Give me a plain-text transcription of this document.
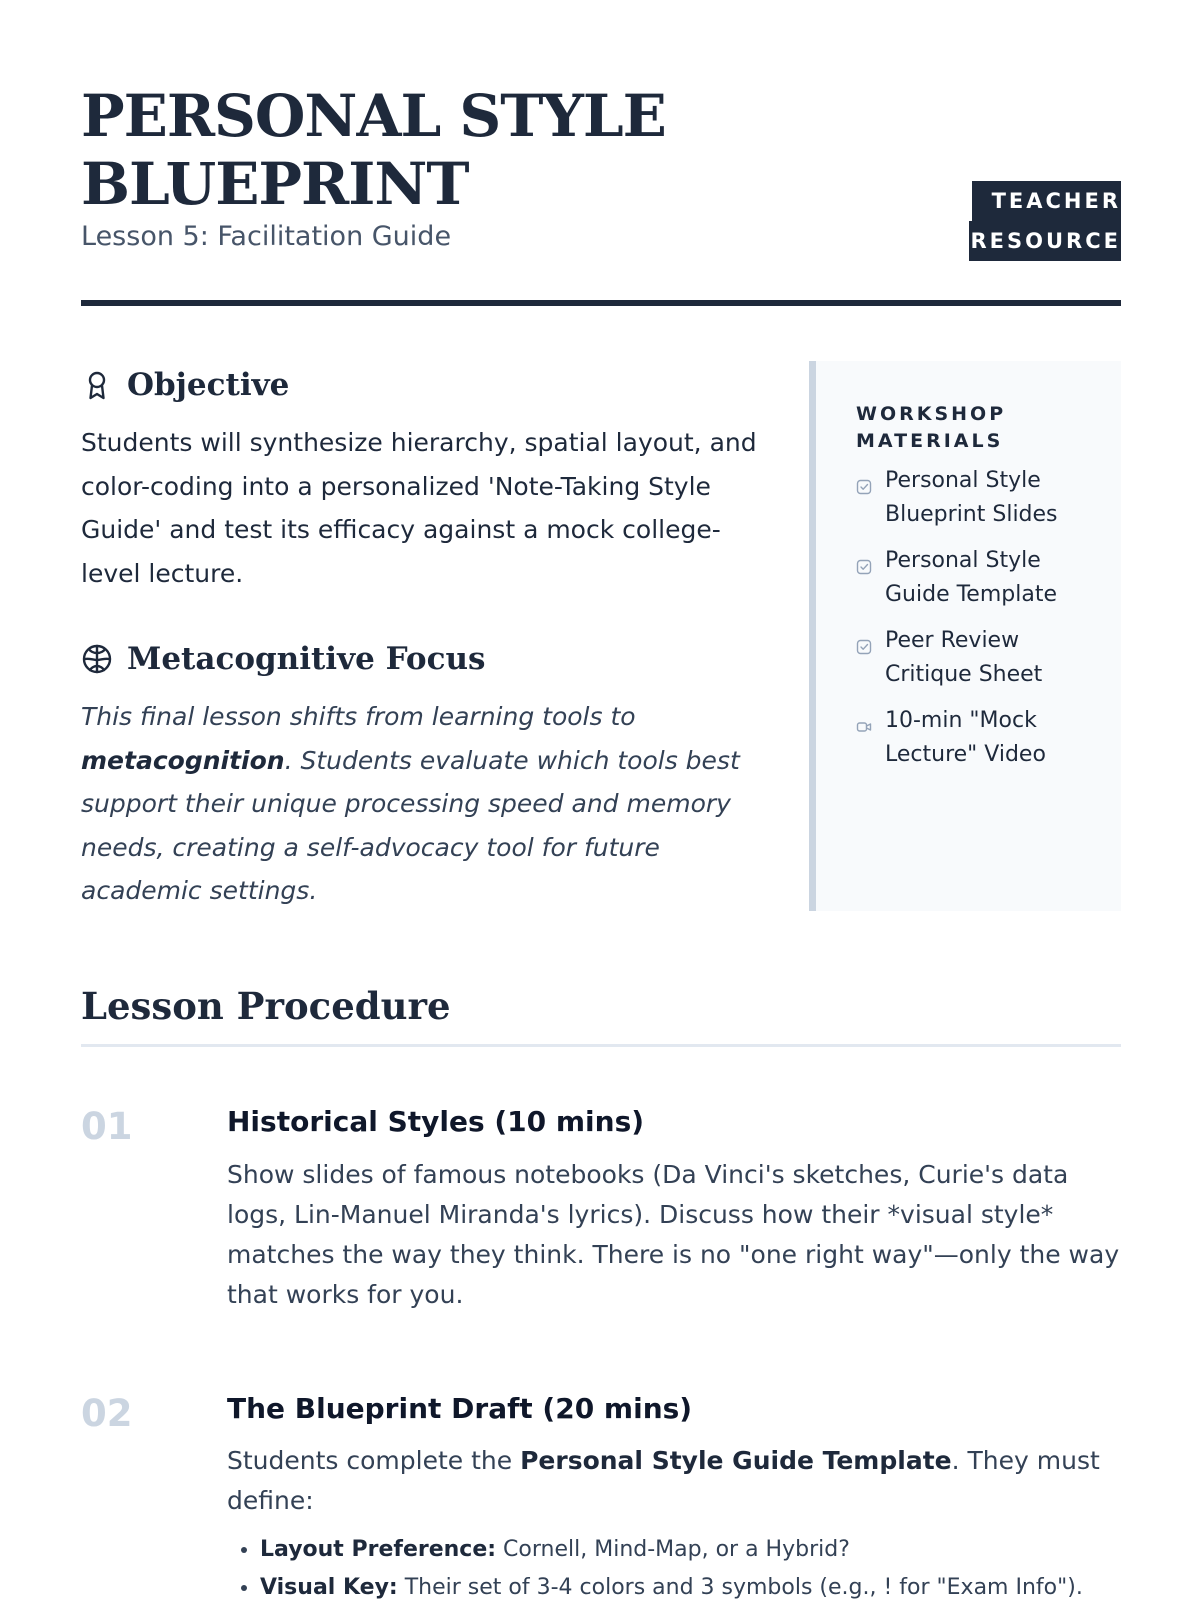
PERSONAL STYLE BLUEPRINT

Lesson 5: Facilitation Guide

TEACHER
RESOURCE
Objective

Students will synthesize hierarchy, spatial layout, and color-coding into a personalized 'Note-Taking Style Guide' and test its efficacy against a mock college-level lecture.

Metacognitive Focus

This final lesson shifts from learning tools to metacognition. Students evaluate which tools best support their unique processing speed and memory needs, creating a self-advocacy tool for future academic settings.

WORKSHOP MATERIALS

Personal Style Blueprint Slides
Personal Style Guide Template
Peer Review Critique Sheet
10-min "Mock Lecture" Video
Lesson Procedure

01	Historical Styles (10 mins)

Show slides of famous notebooks (Da Vinci's sketches, Curie's data logs, Lin-Manuel Miranda's lyrics). Discuss how their *visual style* matches the way they think. There is no "one right way"—only the way that works for you.

02	The Blueprint Draft (20 mins)

Students complete the Personal Style Guide Template. They must define:

• Layout Preference: Cornell, Mind-Map, or a Hybrid?
• Visual Key: Their set of 3-4 colors and 3 symbols (e.g., ! for "Exam Info").
